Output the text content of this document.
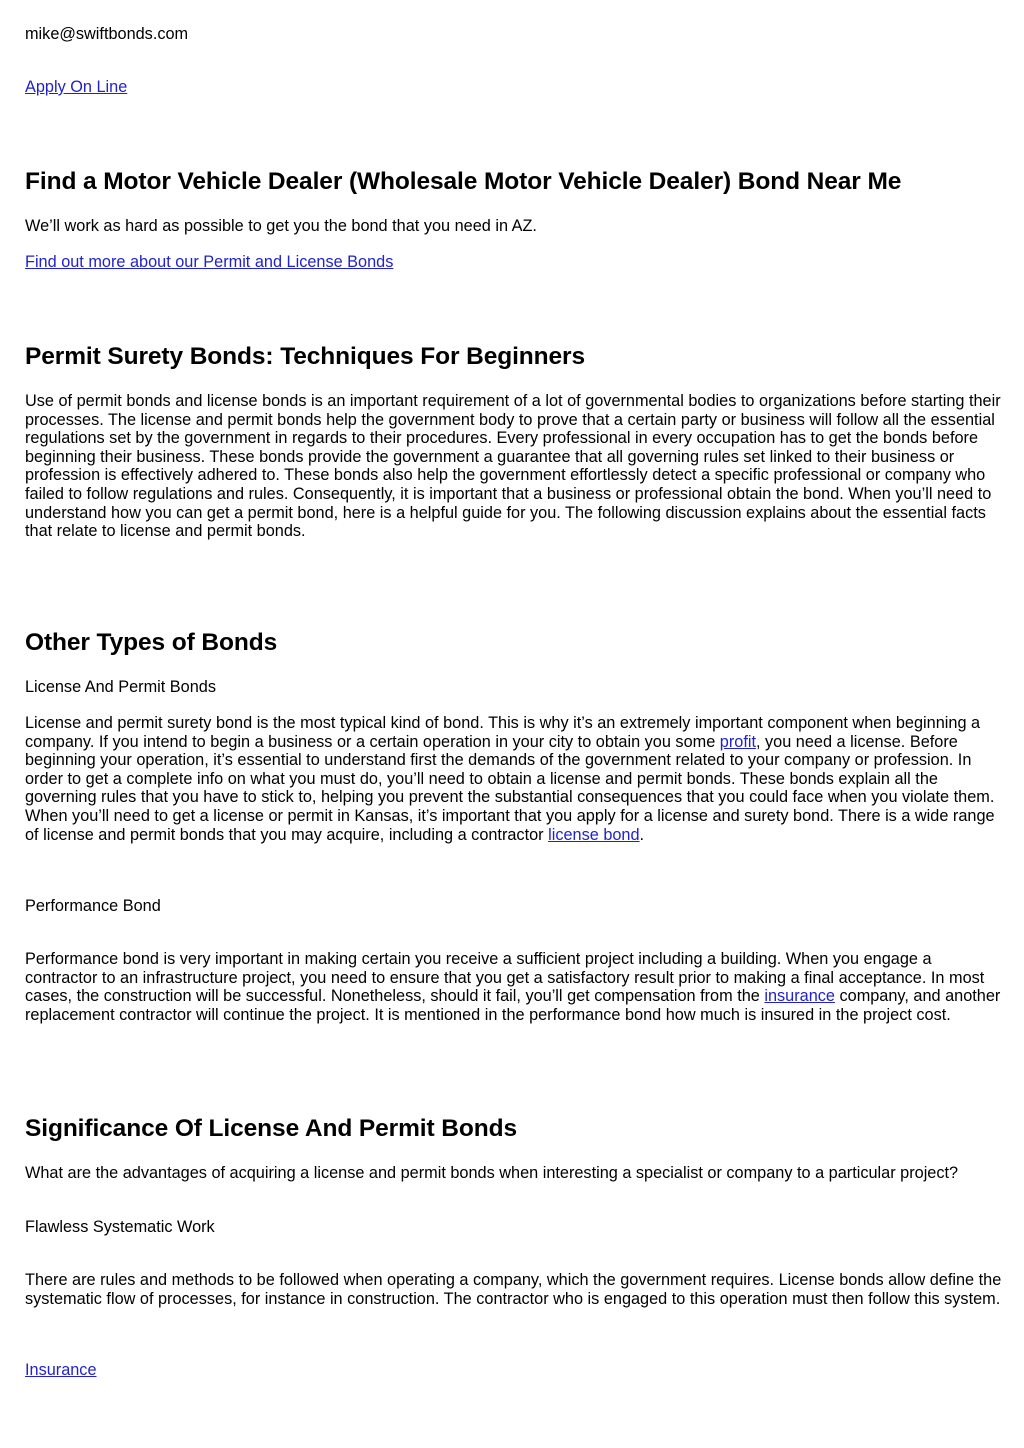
mike@swiftbonds.com

Apply On Line

Find a Motor Vehicle Dealer (Wholesale Motor Vehicle Dealer) Bond Near Me

We’ll work as hard as possible to get you the bond that you need in AZ.

Find out more about our Permit and License Bonds

Permit Surety Bonds: Techniques For Beginners

Use of permit bonds and license bonds is an important requirement of a lot of governmental bodies to organizations before starting their processes. The license and permit bonds help the government body to prove that a certain party or business will follow all the essential regulations set by the government in regards to their procedures. Every professional in every occupation has to get the bonds before beginning their business. These bonds provide the government a guarantee that all governing rules set linked to their business or profession is effectively adhered to. These bonds also help the government effortlessly detect a specific professional or company who failed to follow regulations and rules. Consequently, it is important that a business or professional obtain the bond. When you’ll need to understand how you can get a permit bond, here is a helpful guide for you. The following discussion explains about the essential facts that relate to license and permit bonds.

Other Types of Bonds

License And Permit Bonds

License and permit surety bond is the most typical kind of bond. This is why it’s an extremely important component when beginning a company. If you intend to begin a business or a certain operation in your city to obtain you some profit, you need a license. Before beginning your operation, it’s essential to understand first the demands of the government related to your company or profession. In order to get a complete info on what you must do, you’ll need to obtain a license and permit bonds. These bonds explain all the governing rules that you have to stick to, helping you prevent the substantial consequences that you could face when you violate them. When you’ll need to get a license or permit in Kansas, it’s important that you apply for a license and surety bond. There is a wide range of license and permit bonds that you may acquire, including a contractor license bond.

Performance Bond

Performance bond is very important in making certain you receive a sufficient project including a building. When you engage a contractor to an infrastructure project, you need to ensure that you get a satisfactory result prior to making a final acceptance. In most cases, the construction will be successful. Nonetheless, should it fail, you’ll get compensation from the insurance company, and another replacement contractor will continue the project. It is mentioned in the performance bond how much is insured in the project cost.

Significance Of License And Permit Bonds

What are the advantages of acquiring a license and permit bonds when interesting a specialist or company to a particular project?

Flawless Systematic Work

There are rules and methods to be followed when operating a company, which the government requires. License bonds allow define the systematic flow of processes, for instance in construction. The contractor who is engaged to this operation must then follow this system.

Insurance
